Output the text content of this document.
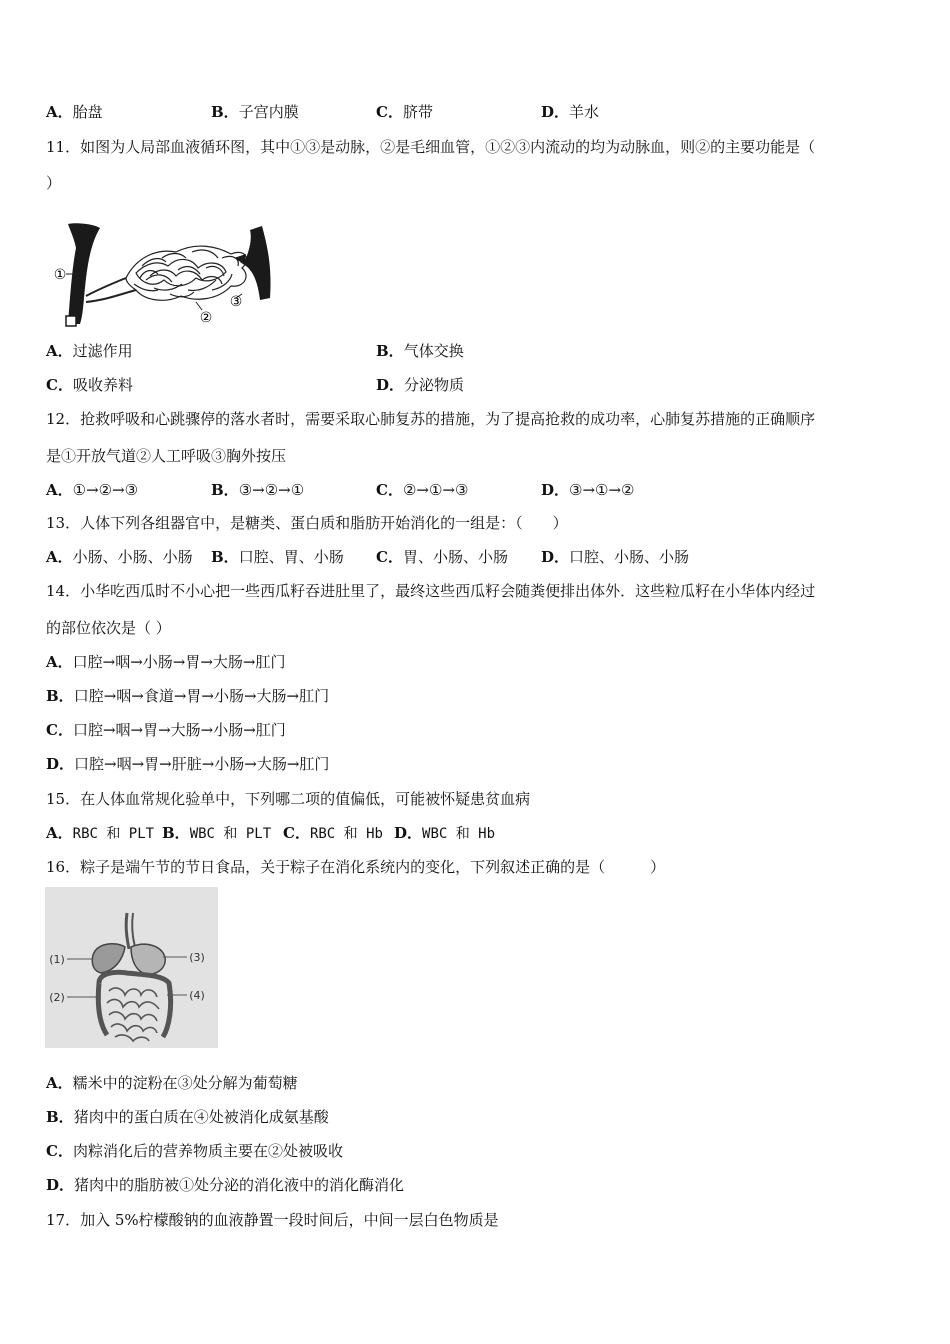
A．胎盘	B．子宫内膜	C．脐带	D．羊水
11．如图为人局部血液循环图，其中①③是动脉，②是毛细血管，①②③内流动的均为动脉血，则②的主要功能是（
）
①
②
③
A．过滤作用	B．气体交换
C．吸收养料	D．分泌物质
12．抢救呼吸和心跳骤停的落水者时，需要采取心肺复苏的措施，为了提高抢救的成功率，心肺复苏措施的正确顺序
是①开放气道②人工呼吸③胸外按压
A．①→②→③	B．③→②→①	C．②→①→③	D．③→①→②
13．人体下列各组器官中，是糖类、蛋白质和脂肪开始消化的一组是：（　　）
A．小肠、小肠、小肠 B．口腔、胃、小肠 C．胃、小肠、小肠 D．口腔、小肠、小肠
14．小华吃西瓜时不小心把一些西瓜籽吞进肚里了，最终这些西瓜籽会随粪便排出体外．这些粒瓜籽在小华体内经过
的部位依次是（ ）
A．口腔→咽→小肠→胃→大肠→肛门
B．口腔→咽→食道→胃→小肠→大肠→肛门
C．口腔→咽→胃→大肠→小肠→肛门
D．口腔→咽→胃→肝脏→小肠→大肠→肛门
15．在人体血常规化验单中，下列哪二项的值偏低，可能被怀疑患贫血病
A．RBC 和 PLT B．WBC 和 PLT C．RBC 和 Hb D．WBC 和 Hb
16．粽子是端午节的节日食品，关于粽子在消化系统内的变化，下列叙述正确的是（　　　）
(1)
(2)
(3)
(4)
A．糯米中的淀粉在③处分解为葡萄糖
B．猪肉中的蛋白质在④处被消化成氨基酸
C．肉粽消化后的营养物质主要在②处被吸收
D．猪肉中的脂肪被①处分泌的消化液中的消化酶消化
17．加入 5%柠檬酸钠的血液静置一段时间后，中间一层白色物质是
